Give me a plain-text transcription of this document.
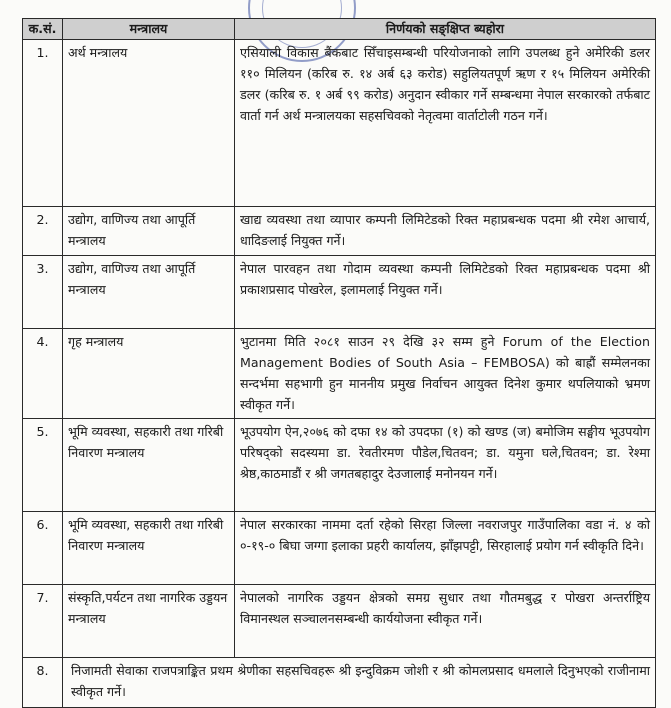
क.सं.	मन्त्रालय	निर्णयको सङ्क्षिप्त ब्यहोरा
1.	अर्थ मन्त्रालय	एसियाली विकास बैंकबाट सिँचाइसम्बन्धी परियोजनाको लागि उपलब्ध हुने अमेरिकी डलर ११० मिलियन (करिब रु. १४ अर्ब ६३ करोड) सहुलियतपूर्ण ऋण र १५ मिलियन अमेरिकी डलर (करिब रु. १ अर्ब ९९ करोड) अनुदान स्वीकार गर्ने सम्बन्धमा नेपाल सरकारको तर्फबाट वार्ता गर्न अर्थ मन्त्रालयका सहसचिवको नेतृत्वमा वार्ताटोली गठन गर्ने।
2.	उद्योग, वाणिज्य तथा आपूर्ति मन्त्रालय	खाद्य व्यवस्था तथा व्यापार कम्पनी लिमिटेडको रिक्त महाप्रबन्धक पदमा श्री रमेश आचार्य, धादिङलाई नियुक्त गर्ने।
3.	उद्योग, वाणिज्य तथा आपूर्ति मन्त्रालय	नेपाल पारवहन तथा गोदाम व्यवस्था कम्पनी लिमिटेडको रिक्त महाप्रबन्धक पदमा श्री प्रकाशप्रसाद पोखरेल, इलामलाई नियुक्त गर्ने।
4.	गृह मन्त्रालय	भुटानमा मिति २०८१ साउन २९ देखि ३२ सम्म हुने Forum of the Election Management Bodies of South Asia – FEMBOSA) को बाह्रौं सम्मेलनका सन्दर्भमा सहभागी हुन माननीय प्रमुख निर्वाचन आयुक्त दिनेश कुमार थपलियाको भ्रमण स्वीकृत गर्ने।
5.	भूमि व्यवस्था, सहकारी तथा गरिबी निवारण मन्त्रालय	भूउपयोग ऐन,२०७६ को दफा १४ को उपदफा (१) को खण्ड (ज) बमोजिम सङ्घीय भूउपयोग परिषद्को सदस्यमा डा. रेवतीरमण पौडेल,चितवन; डा. यमुना घले,चितवन; डा. रेश्मा श्रेष्ठ,काठमाडौं र श्री जगतबहादुर देउजालाई मनोनयन गर्ने।
6.	भूमि व्यवस्था, सहकारी तथा गरिबी निवारण मन्त्रालय	नेपाल सरकारका नाममा दर्ता रहेको सिरहा जिल्ला नवराजपुर गाउँपालिका वडा नं. ४ को ०-१९-० बिघा जग्गा इलाका प्रहरी कार्यालय, झाँझपट्टी, सिरहालाई प्रयोग गर्न स्वीकृति दिने।
7.	संस्कृति,पर्यटन तथा नागरिक उड्डयन मन्त्रालय	नेपालको नागरिक उड्डयन क्षेत्रको समग्र सुधार तथा गौतमबुद्ध र पोखरा अन्तर्राष्ट्रिय विमानस्थल सञ्चालनसम्बन्धी कार्ययोजना स्वीकृत गर्ने।
8.	निजामती सेवाका राजपत्राङ्कित प्रथम श्रेणीका सहसचिवहरू श्री इन्दुविक्रम जोशी र श्री कोमलप्रसाद धमलाले दिनुभएको राजीनामा स्वीकृत गर्ने।	
